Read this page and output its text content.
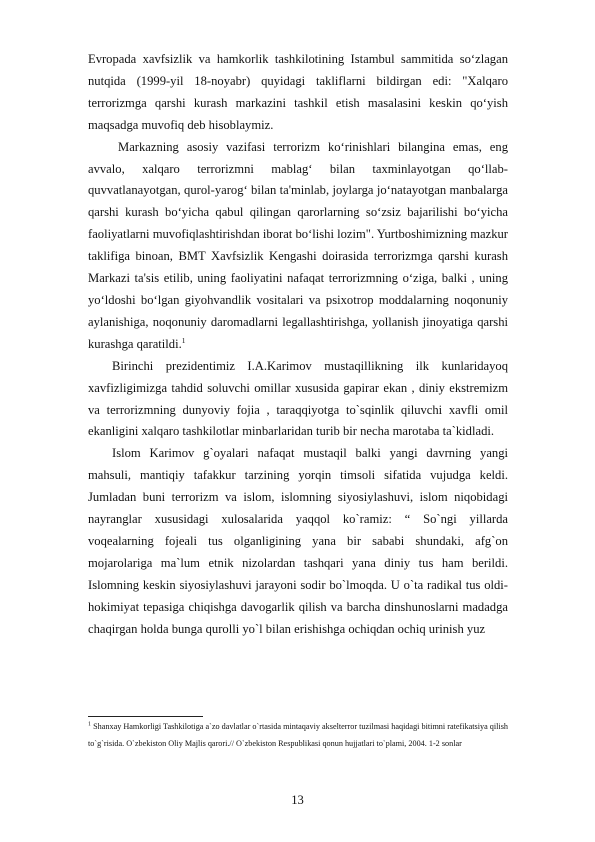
Evropada xavfsizlik va hamkorlik tashkilotining Istambul sammitida so‘zlagan nutqida (1999-yil 18-noyabr) quyidagi takliflarni bildirgan edi: "Xalqaro terrorizmga qarshi kurash markazini tashkil etish masalasini keskin qo‘yish maqsadga muvofiq deb hisoblaymiz.

Markazning asosiy vazifasi terrorizm ko‘rinishlari bilangina emas, eng avvalo, xalqaro terrorizmni mablag‘ bilan taxminlayotgan qo‘llab-quvvatlanayotgan, qurol-yarog‘ bilan ta'minlab, joylarga jo‘natayotgan manbalarga qarshi kurash bo‘yicha qabul qilingan qarorlarning so‘zsiz bajarilishi bo‘yicha faoliyatlarni muvofiqlashtirishdan iborat bo‘lishi lozim". Yurtboshimizning mazkur taklifiga binoan, BMT Xavfsizlik Kengashi doirasida terrorizmga qarshi kurash Markazi ta'sis etilib, uning faoliyatini nafaqat terrorizmning o‘ziga, balki , uning yo‘ldoshi bo‘lgan giyohvandlik vositalari va psixotrop moddalarning noqonuniy aylanishiga, noqonuniy daromadlarni legallashtirishga, yollanish jinoyatiga qarshi kurashga qaratildi.$^1$

Birinchi prezidentimiz I.A.Karimov mustaqillikning ilk kunlaridayoq xavfizligimizga tahdid soluvchi omillar xususida gapirar ekan , diniy ekstremizm va terrorizmning dunyoviy fojia , taraqqiyotga to`sqinlik qiluvchi xavfli omil ekanligini xalqaro tashkilotlar minbarlaridan turib bir necha marotaba ta`kidladi.

Islom Karimov g`oyalari nafaqat mustaqil balki yangi davrning yangi mahsuli, mantiqiy tafakkur tarzining yorqin timsoli sifatida vujudga keldi. Jumladan buni terrorizm va islom, islomning siyosiylashuvi, islom niqobidagi nayranglar xususidagi xulosalarida yaqqol ko`ramiz: “ So`ngi yillarda voqealarning fojeali tus olganligining yana bir sababi shundaki, afg`on mojarolariga ma`lum etnik nizolardan tashqari yana diniy tus ham berildi. Islomning keskin siyosiylashuvi jarayoni sodir bo`lmoqda. U o`ta radikal tus oldi-hokimiyat tepasiga chiqishga davogarlik qilish va barcha dinshunoslarni madadga chaqirgan holda bunga qurolli yo`l bilan erishishga ochiqdan ochiq urinish yuz

$^1$ Shanxay Hamkorligi Tashkilotiga a`zo davlatlar o`rtasida mintaqaviy akselterror tuzilmasi haqidagi bitimni ratefikatsiya qilish to`g`risida. O`zbekiston Oliy Majlis qarori.// O`zbekiston Respublikasi qonun hujjatlari to`plami, 2004. 1-2 sonlar
13
